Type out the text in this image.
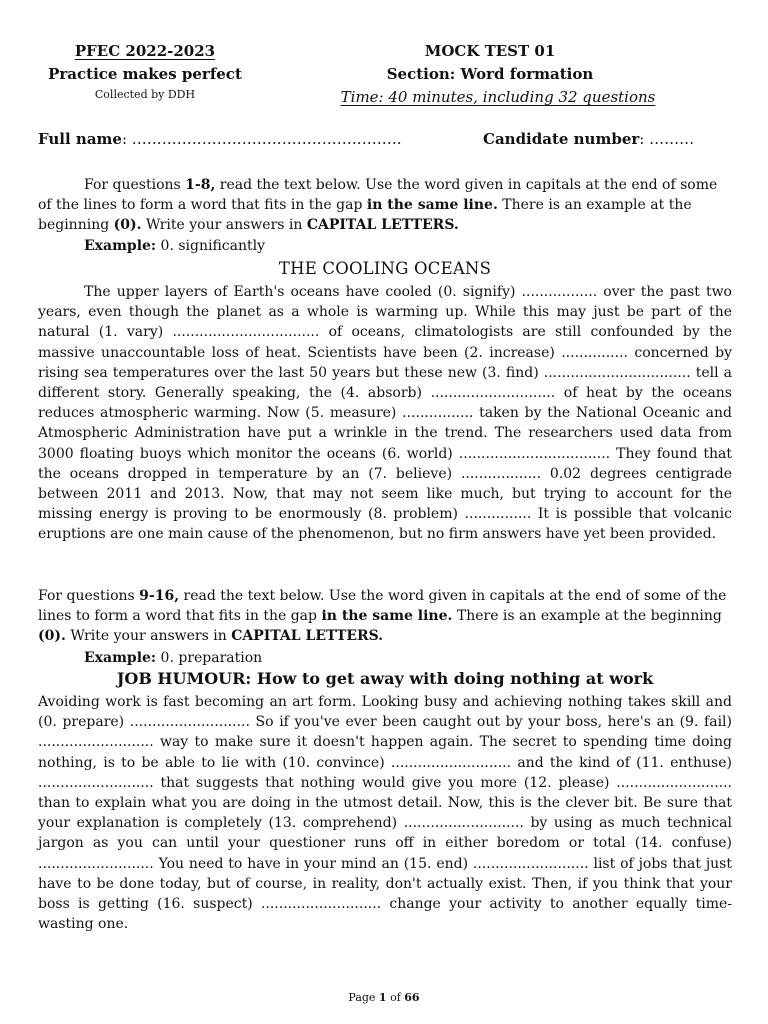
PFEC 2022-2023
Practice makes perfect
Collected by DDH
MOCK TEST 01
Section: Word formation
Time: 40 minutes, including 32 questions
Full name: ………………………………………………	Candidate number: ………
For questions 1-8, read the text below. Use the word given in capitals at the end of some of the lines to form a word that fits in the gap in the same line. There is an example at the beginning (0). Write your answers in CAPITAL LETTERS.
Example: 0. significantly
THE COOLING OCEANS
The upper layers of Earth's oceans have cooled (0. signify) ................. over the past two years, even though the planet as a whole is warming up. While this may just be part of the natural (1. vary) ................................. of oceans, climatologists are still confounded by the massive unaccountable loss of heat. Scientists have been (2. increase) ............... concerned by rising sea temperatures over the last 50 years but these new (3. find) ................................. tell a different story. Generally speaking, the (4. absorb) ............................ of heat by the oceans reduces atmospheric warming. Now (5. measure) ................ taken by the National Oceanic and Atmospheric Administration have put a wrinkle in the trend. The researchers used data from 3000 floating buoys which monitor the oceans (6. world) .................................. They found that the oceans dropped in temperature by an (7. believe) .................. 0.02 degrees centigrade between 2011 and 2013. Now, that may not seem like much, but trying to account for the missing energy is proving to be enormously (8. problem) ............... It is possible that volcanic eruptions are one main cause of the phenomenon, but no firm answers have yet been provided.
For questions 9-16, read the text below. Use the word given in capitals at the end of some of the lines to form a word that fits in the gap in the same line. There is an example at the beginning (0). Write your answers in CAPITAL LETTERS.
Example: 0. preparation
JOB HUMOUR: How to get away with doing nothing at work
Avoiding work is fast becoming an art form. Looking busy and achieving nothing takes skill and (0. prepare) ........................... So if you've ever been caught out by your boss, here's an (9. fail) .......................... way to make sure it doesn't happen again. The secret to spending time doing nothing, is to be able to lie with (10. convince) ........................... and the kind of (11. enthuse) .......................... that suggests that nothing would give you more (12. please) .......................... than to explain what you are doing in the utmost detail. Now, this is the clever bit. Be sure that your explanation is completely (13. comprehend) ........................... by using as much technical jargon as you can until your questioner runs off in either boredom or total (14. confuse) .......................... You need to have in your mind an (15. end) .......................... list of jobs that just have to be done today, but of course, in reality, don't actually exist. Then, if you think that your boss is getting (16. suspect) ........................... change your activity to another equally time-wasting one.
Page 1 of 66
